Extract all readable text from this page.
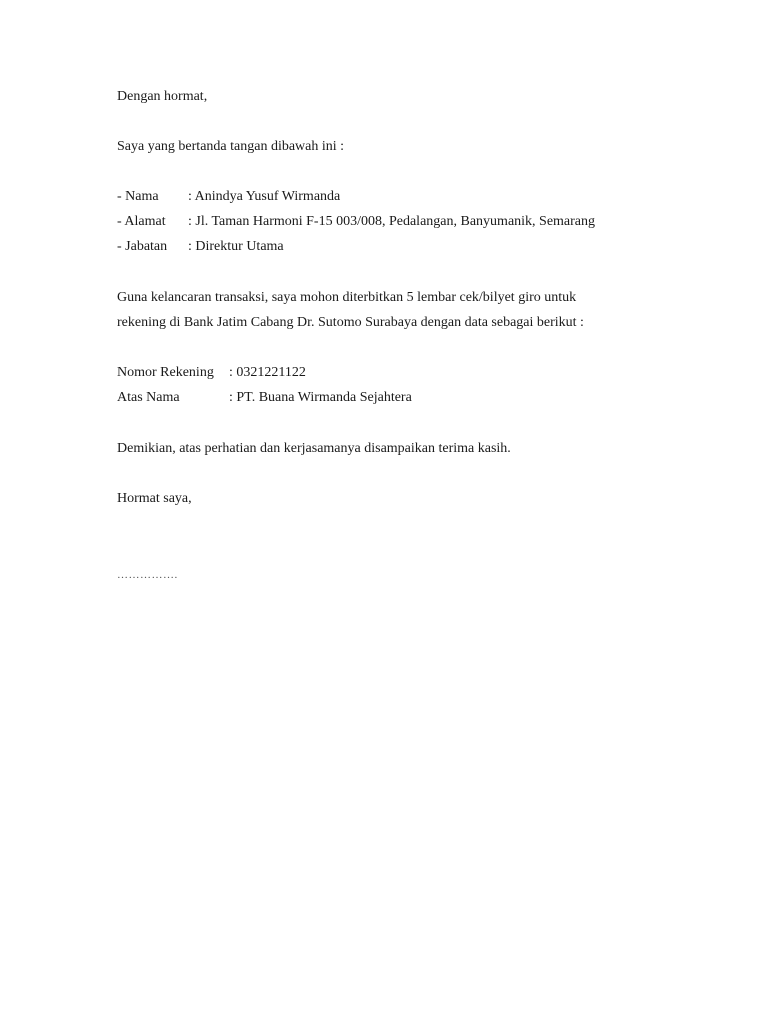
Dengan hormat,
Saya yang bertanda tangan dibawah ini :
- Nama : Anindya Yusuf Wirmanda
- Alamat : Jl. Taman Harmoni F-15 003/008, Pedalangan, Banyumanik, Semarang
- Jabatan : Direktur Utama
Guna kelancaran transaksi, saya mohon diterbitkan 5 lembar cek/bilyet giro untuk
rekening di Bank Jatim Cabang Dr. Sutomo Surabaya dengan data sebagai berikut :
Nomor Rekening : 0321221122
Atas Nama	: PT. Buana Wirmanda Sejahtera
Demikian, atas perhatian dan kerjasamanya disampaikan terima kasih.
Hormat saya,
…………….
